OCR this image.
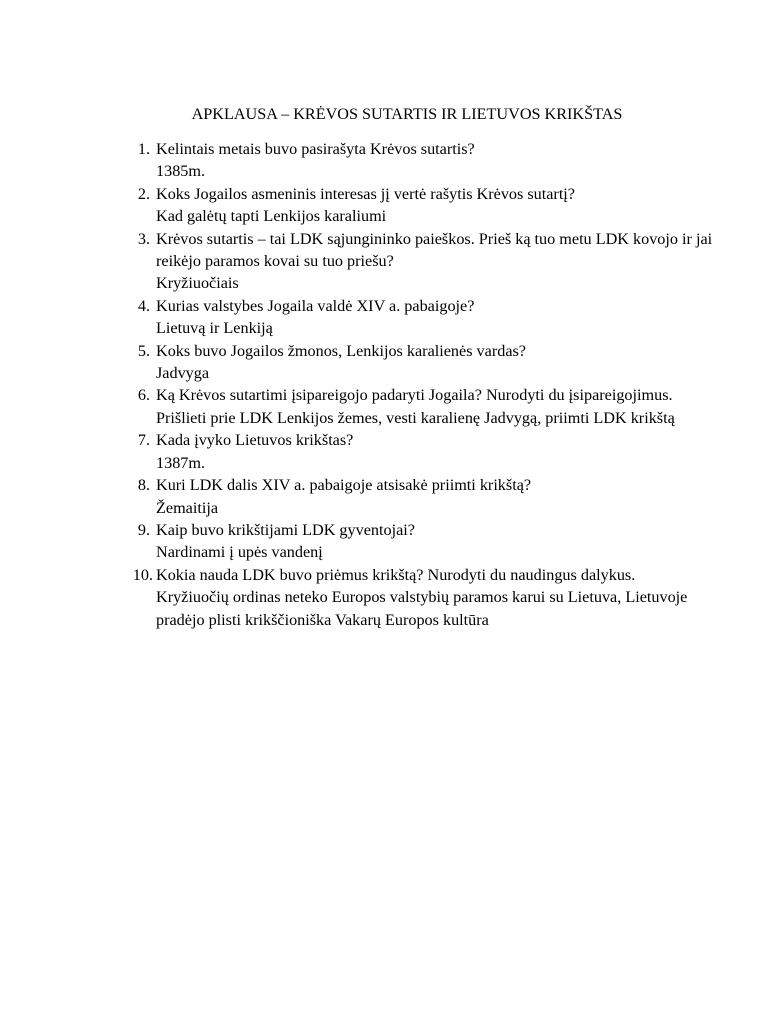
APKLAUSA – KRĖVOS SUTARTIS IR LIETUVOS KRIKŠTAS
1. Kelintais metais buvo pasirašyta Krėvos sutartis?
1385m.
2. Koks Jogailos asmeninis interesas jį vertė rašytis Krėvos sutartį?
Kad galėtų tapti Lenkijos karaliumi
3. Krėvos sutartis – tai LDK sąjungininko paieškos. Prieš ką tuo metu LDK kovojo ir jai reikėjo paramos kovai su tuo priešu?
Kryžiuočiais
4. Kurias valstybes Jogaila valdė XIV a. pabaigoje?
Lietuvą ir Lenkiją
5. Koks buvo Jogailos žmonos, Lenkijos karalienės vardas?
Jadvyga
6. Ką Krėvos sutartimi įsipareigojo padaryti Jogaila? Nurodyti du įsipareigojimus.
Prišlieti prie LDK Lenkijos žemes, vesti karalienę Jadvygą, priimti LDK krikštą
7. Kada įvyko Lietuvos krikštas?
1387m.
8. Kuri LDK dalis XIV a. pabaigoje atsisakė priimti krikštą?
Žemaitija
9. Kaip buvo krikštijami LDK gyventojai?
Nardinami į upės vandenį
10. Kokia nauda LDK buvo priėmus krikštą? Nurodyti du naudingus dalykus.
Kryžiuočių ordinas neteko Europos valstybių paramos karui su Lietuva, Lietuvoje pradėjo plisti krikščioniška Vakarų Europos kultūra
